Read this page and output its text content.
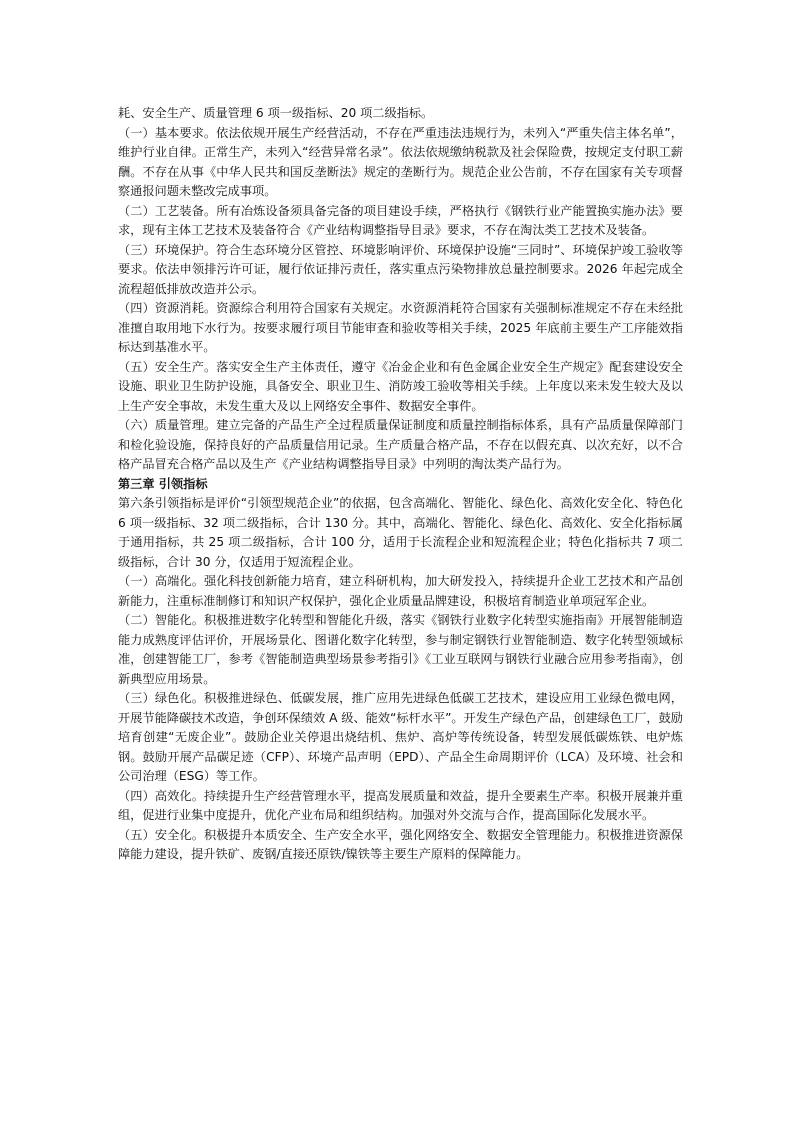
耗、安全生产、质量管理 6 项一级指标、20 项二级指标。

（一）基本要求。依法依规开展生产经营活动，不存在严重违法违规行为，未列入“严重失信主体名单”，维护行业自律。正常生产，未列入“经营异常名录”。依法依规缴纳税款及社会保险费，按规定支付职工薪酬。不存在从事《中华人民共和国反垄断法》规定的垄断行为。规范企业公告前，不存在国家有关专项督察通报问题未整改完成事项。

（二）工艺装备。所有冶炼设备须具备完备的项目建设手续，严格执行《钢铁行业产能置换实施办法》要求，现有主体工艺技术及装备符合《产业结构调整指导目录》要求，不存在淘汰类工艺技术及装备。

（三）环境保护。符合生态环境分区管控、环境影响评价、环境保护设施“三同时”、环境保护竣工验收等要求。依法申领排污许可证，履行依证排污责任，落实重点污染物排放总量控制要求。2026 年起完成全流程超低排放改造并公示。

（四）资源消耗。资源综合利用符合国家有关规定。水资源消耗符合国家有关强制标准规定不存在未经批准擅自取用地下水行为。按要求履行项目节能审查和验收等相关手续，2025 年底前主要生产工序能效指标达到基准水平。

（五）安全生产。落实安全生产主体责任，遵守《冶金企业和有色金属企业安全生产规定》配套建设安全设施、职业卫生防护设施，具备安全、职业卫生、消防竣工验收等相关手续。上年度以来未发生较大及以上生产安全事故，未发生重大及以上网络安全事件、数据安全事件。

（六）质量管理。建立完备的产品生产全过程质量保证制度和质量控制指标体系，具有产品质量保障部门和检化验设施，保持良好的产品质量信用记录。生产质量合格产品，不存在以假充真、以次充好，以不合格产品冒充合格产品以及生产《产业结构调整指导目录》中列明的淘汰类产品行为。

第三章 引领指标

第六条引领指标是评价“引领型规范企业”的依据，包含高端化、智能化、绿色化、高效化安全化、特色化 6 项一级指标、32 项二级指标，合计 130 分。其中，高端化、智能化、绿色化、高效化、安全化指标属于通用指标，共 25 项二级指标，合计 100 分，适用于长流程企业和短流程企业；特色化指标共 7 项二级指标，合计 30 分，仅适用于短流程企业。

（一）高端化。强化科技创新能力培育，建立科研机构，加大研发投入，持续提升企业工艺技术和产品创新能力，注重标准制修订和知识产权保护，强化企业质量品牌建设，积极培育制造业单项冠军企业。

（二）智能化。积极推进数字化转型和智能化升级，落实《钢铁行业数字化转型实施指南》开展智能制造能力成熟度评估评价，开展场景化、图谱化数字化转型，参与制定钢铁行业智能制造、数字化转型领域标准，创建智能工厂，参考《智能制造典型场景参考指引》《工业互联网与钢铁行业融合应用参考指南》，创新典型应用场景。

（三）绿色化。积极推进绿色、低碳发展，推广应用先进绿色低碳工艺技术，建设应用工业绿色微电网，开展节能降碳技术改造，争创环保绩效 A 级、能效“标杆水平”。开发生产绿色产品，创建绿色工厂，鼓励培育创建“无废企业”。鼓励企业关停退出烧结机、焦炉、高炉等传统设备，转型发展低碳炼铁、电炉炼钢。鼓励开展产品碳足迹（CFP）、环境产品声明（EPD）、产品全生命周期评价（LCA）及环境、社会和公司治理（ESG）等工作。

（四）高效化。持续提升生产经营管理水平，提高发展质量和效益，提升全要素生产率。积极开展兼并重组，促进行业集中度提升，优化产业布局和组织结构。加强对外交流与合作，提高国际化发展水平。

（五）安全化。积极提升本质安全、生产安全水平，强化网络安全、数据安全管理能力。积极推进资源保障能力建设，提升铁矿、废钢/直接还原铁/镍铁等主要生产原料的保障能力。
